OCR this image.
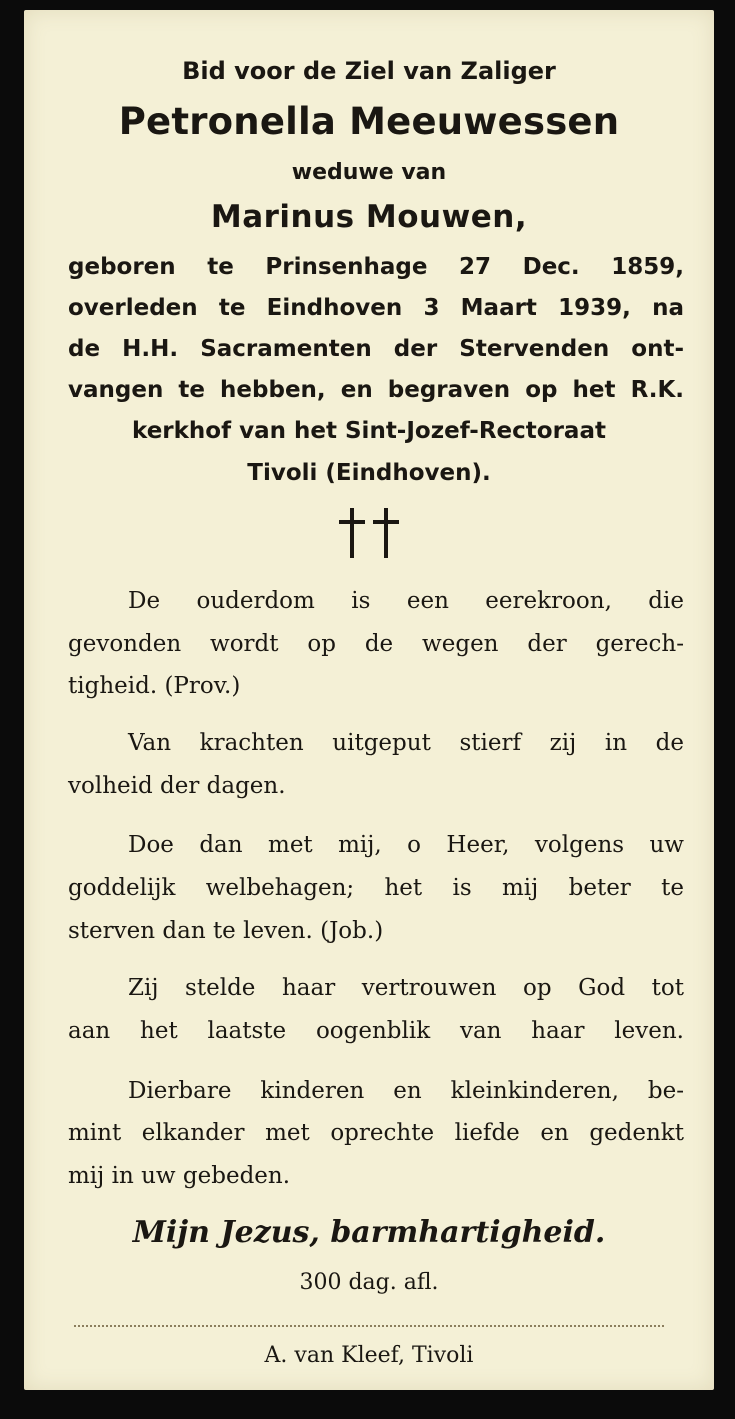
Bid voor de Ziel van Zaliger

Petronella Meeuwessen

weduwe van

Marinus Mouwen,

geboren te Prinsenhage 27 Dec. 1859,

overleden te Eindhoven 3 Maart 1939, na

de H.H. Sacramenten der Stervenden ont-

vangen te hebben, en begraven op het R.K.

kerkhof van het Sint-Jozef-Rectoraat

Tivoli (Eindhoven).

De ouderdom is een eerekroon, die

gevonden wordt op de wegen der gerech-

tigheid. (Prov.)

Van krachten uitgeput stierf zij in de

volheid der dagen.

Doe dan met mij, o Heer, volgens uw

goddelijk welbehagen; het is mij beter te

sterven dan te leven. (Job.)

Zij stelde haar vertrouwen op God tot

aan het laatste oogenblik van haar leven.

Dierbare kinderen en kleinkinderen, be-

mint elkander met oprechte liefde en gedenkt

mij in uw gebeden.

Mijn Jezus, barmhartigheid.

300 dag. afl.

A. van Kleef, Tivoli
